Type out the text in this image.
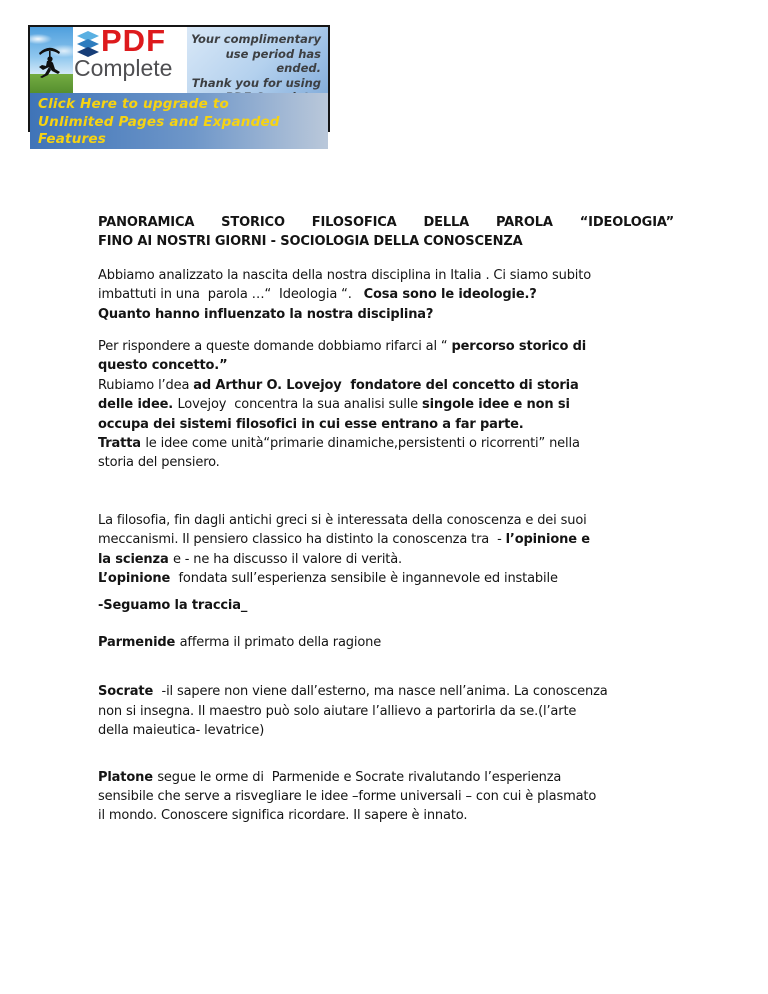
PDF
Complete
Your complimentary
use period has ended.
Thank you for using
Click Here to upgrade to
Unlimited Pages and Expanded Features
PANORAMICA STORICO FILOSOFICA DELLA PAROLA “IDEOLOGIA”
FINO AI NOSTRI GIORNI - SOCIOLOGIA DELLA CONOSCENZA
Abbiamo analizzato la nascita della nostra disciplina in Italia . Ci siamo subito
imbattuti in una  parola …“  Ideologia “.   Cosa sono le ideologie.?
Quanto hanno influenzato la nostra disciplina?
Per rispondere a queste domande dobbiamo rifarci al “ percorso storico di
questo concetto.”
Rubiamo l’dea ad Arthur O. Lovejoy  fondatore del concetto di storia
delle idee. Lovejoy  concentra la sua analisi sulle singole idee e non si
occupa dei sistemi filosofici in cui esse entrano a far parte.
Tratta le idee come unità“primarie dinamiche,persistenti o ricorrenti” nella
storia del pensiero.
La filosofia, fin dagli antichi greci si è interessata della conoscenza e dei suoi
meccanismi. Il pensiero classico ha distinto la conoscenza tra  - l’opinione e
la scienza e - ne ha discusso il valore di verità.
L’opinione  fondata sull’esperienza sensibile è ingannevole ed instabile
-Seguamo la traccia_
Parmenide afferma il primato della ragione
Socrate  -il sapere non viene dall’esterno, ma nasce nell’anima. La conoscenza
non si insegna. Il maestro può solo aiutare l’allievo a partorirla da se.(l’arte
della maieutica- levatrice)
Platone segue le orme di  Parmenide e Socrate rivalutando l’esperienza
sensibile che serve a risvegliare le idee –forme universali – con cui è plasmato
il mondo. Conoscere significa ricordare. Il sapere è innato.
